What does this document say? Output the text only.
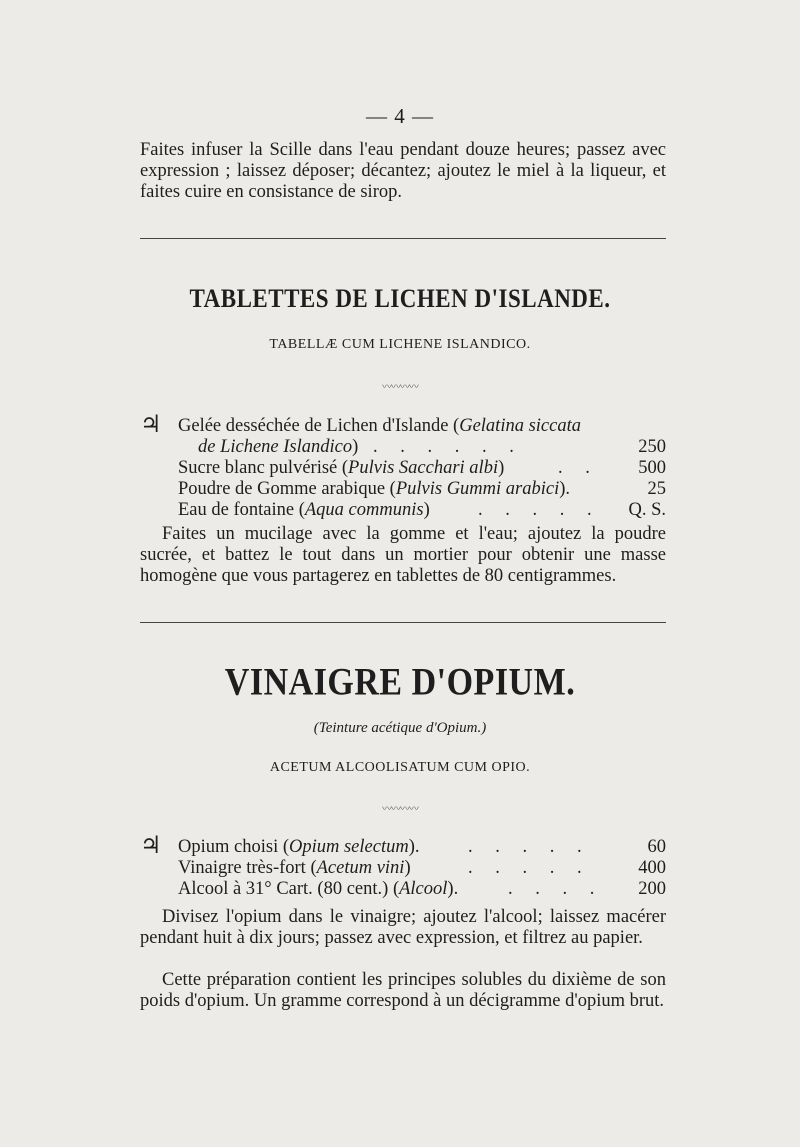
— 4 —
Faites infuser la Scille dans l'eau pendant douze heures; passez avec expression ; laissez déposer; décantez; ajoutez le miel à la liqueur, et faites cuire en consistance de sirop.
TABLETTES DE LICHEN D'ISLANDE.
TABELLÆ CUM LICHENE ISLANDICO.
〰〰〰〰
♃ Gelée desséchée de Lichen d'Islande (Gelatina siccata
de Lichene Islandico) . . . . . .	250
Sucre blanc pulvérisé (Pulvis Sacchari albi)	. . 500
Poudre de Gomme arabique (Pulvis Gummi arabici).	25
Eau de fontaine (Aqua communis)	. . . . . Q. S.
Faites un mucilage avec la gomme et l'eau; ajoutez la poudre sucrée, et battez le tout dans un mortier pour obtenir une masse homogène que vous partagerez en tablettes de 80 centigrammes.
VINAIGRE D'OPIUM.
(Teinture acétique d'Opium.)
ACETUM ALCOOLISATUM CUM OPIO.
〰〰〰〰
♃ Opium choisi (Opium selectum).	. . . . .	60
Vinaigre très-fort (Acetum vini)	. . . . .	400
Alcool à 31° Cart. (80 cent.) (Alcool).	. . . . 200
Divisez l'opium dans le vinaigre; ajoutez l'alcool; laissez macérer pendant huit à dix jours; passez avec expression, et filtrez au papier.
Cette préparation contient les principes solubles du dixième de son poids d'opium. Un gramme correspond à un décigramme d'opium brut.
